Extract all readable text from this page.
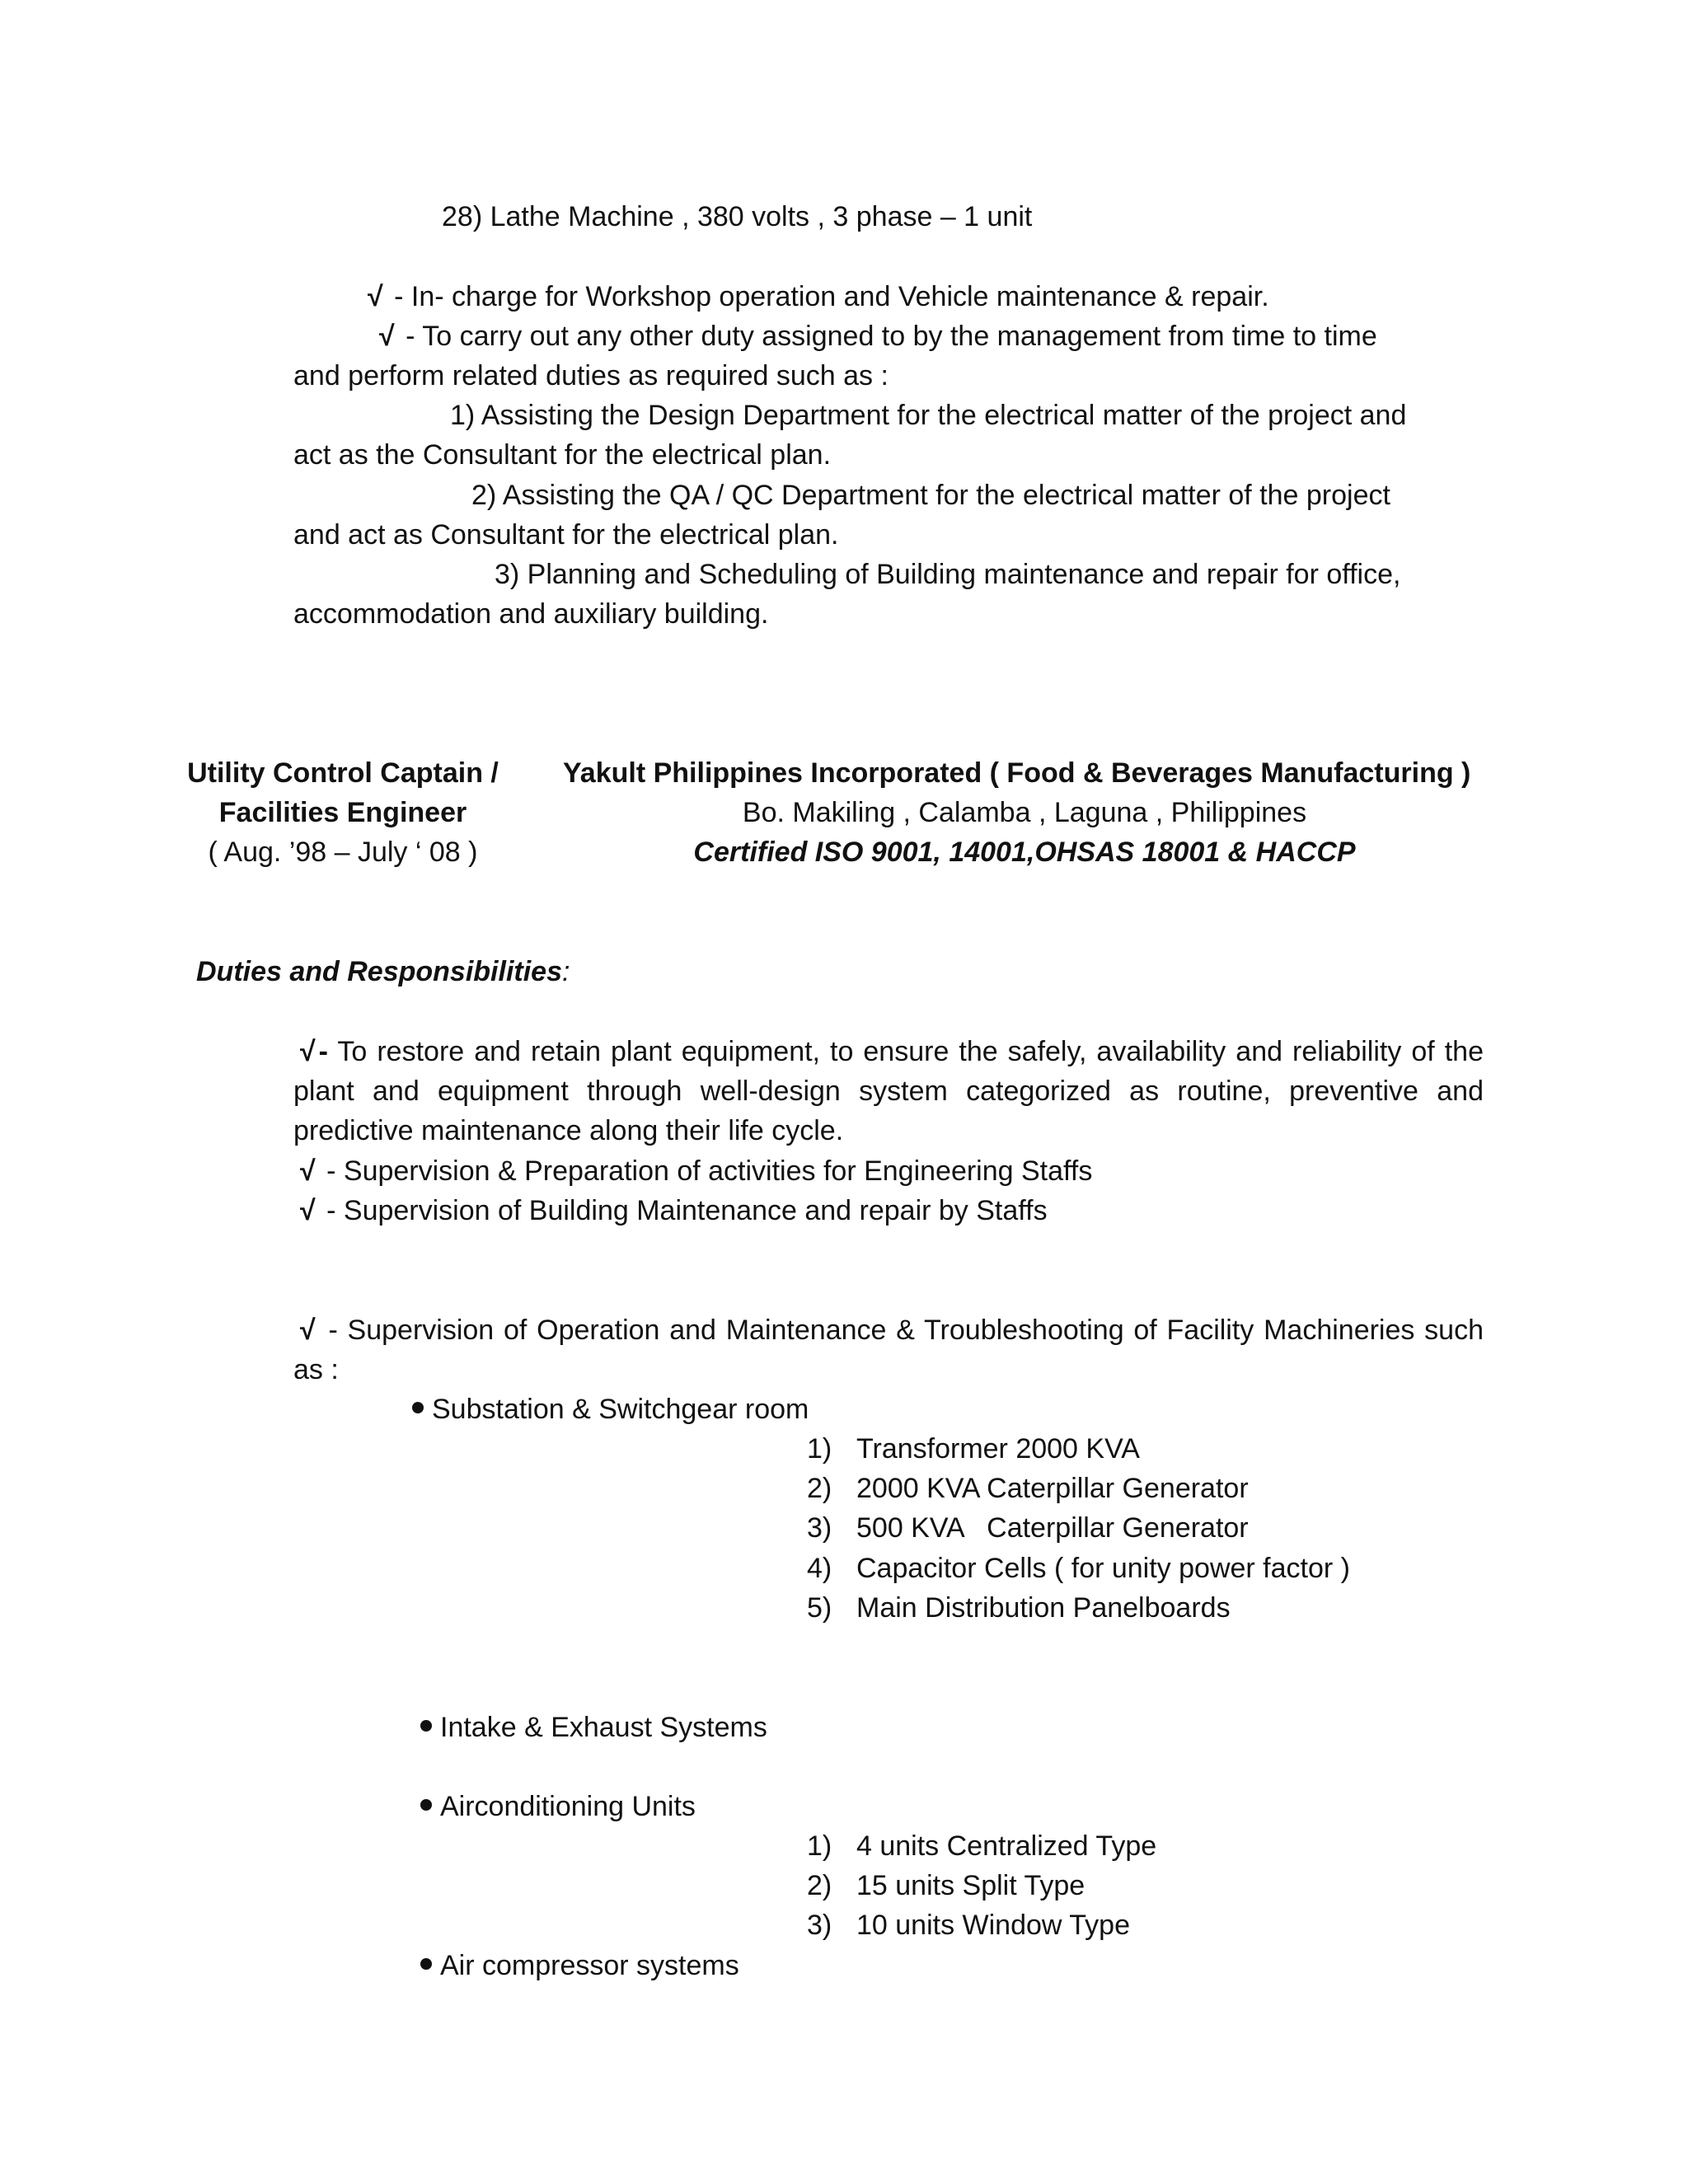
28) Lathe Machine , 380 volts , 3 phase – 1 unit
√ - In- charge for Workshop operation and Vehicle maintenance & repair.
√ - To carry out any other duty assigned to by the management from time to time
and perform related duties as required such as :
1) Assisting the Design Department for the electrical matter of the project and
act as the Consultant for the electrical plan.
2) Assisting the QA / QC Department for the electrical matter of the project
and act as Consultant for the electrical plan.
3) Planning and Scheduling of Building maintenance and repair for office,
accommodation and auxiliary building.
Utility Control Captain /
Facilities Engineer
( Aug. ’98 – July ‘ 08 )
Yakult Philippines Incorporated ( Food & Beverages Manufacturing )
Bo. Makiling , Calamba , Laguna , Philippines
Certified ISO 9001, 14001,OHSAS 18001 & HACCP
Duties and Responsibilities:
√ - To restore and retain plant equipment, to ensure the safely, availability and reliability of the plant and equipment through well-design system categorized as routine, preventive and predictive maintenance along their life cycle.
√ - Supervision & Preparation of activities for Engineering Staffs
√ - Supervision of Building Maintenance and repair by Staffs
√ - Supervision of Operation and Maintenance & Troubleshooting of Facility Machineries such as :
Substation & Switchgear room
1) Transformer 2000 KVA
2) 2000 KVA Caterpillar Generator
3) 500 KVA   Caterpillar Generator
4) Capacitor Cells ( for unity power factor )
5) Main Distribution Panelboards
Intake & Exhaust Systems
Airconditioning Units
1) 4 units Centralized Type
2) 15 units Split Type
3) 10 units Window Type
Air compressor systems
